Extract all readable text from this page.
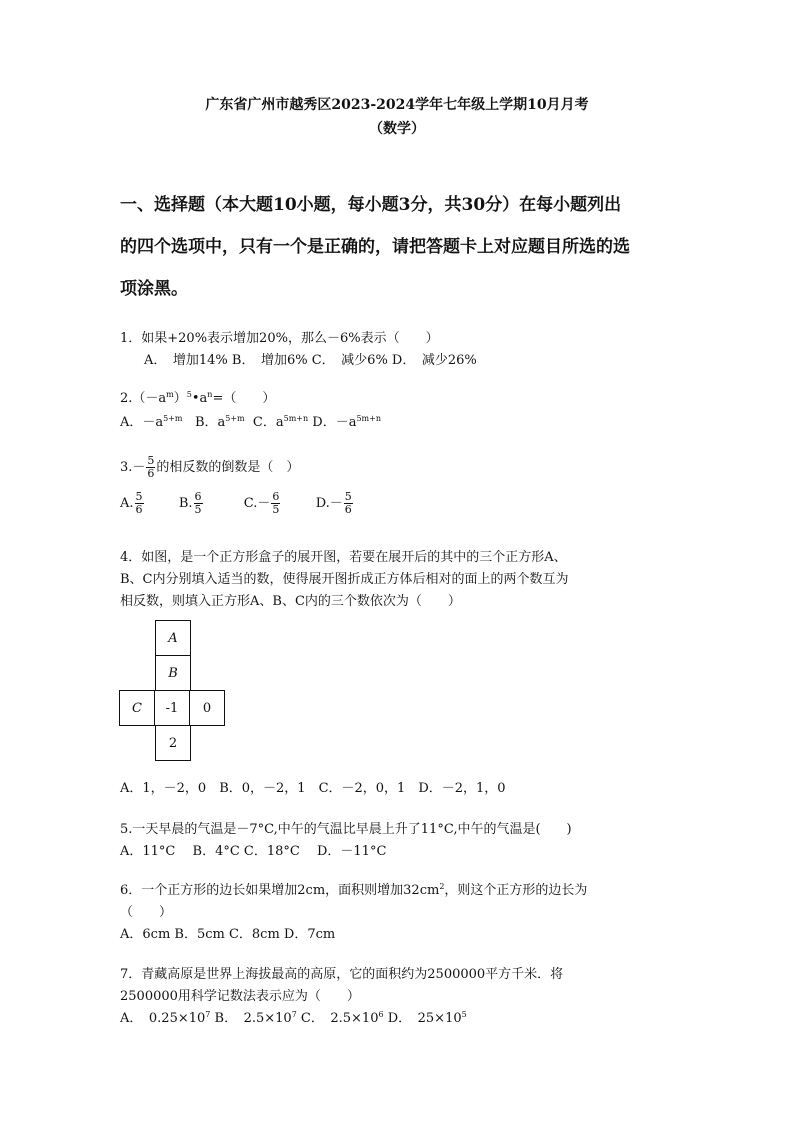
广东省广州市越秀区2023-2024学年七年级上学期10月月考
（数学）
一、选择题（本大题10小题，每小题3分，共30分）在每小题列出
的四个选项中，只有一个是正确的，请把答题卡上对应题目所选的选
项涂黑。
1．如果+20%表示增加20%，那么－6%表示（　　）
A．　增加14% B．　增加6% C．　减少6% D．　减少26%
$2.(-a^m)^5•a^n=$（　　）
A．$-a^{5+m}$ B．$a^{5+m}$ C．$a^{5m+n}$ D．$-a^{5m+n}$
$3.- \frac{5}{6}$ 的相反数的倒数是（　）
A. $\frac{5}{6}$	B. $\frac{6}{5}$	$C.- \frac{6}{5}$	$D.- \frac{5}{6}$
4．如图，是一个正方形盒子的展开图，若要在展开后的其中的三个正方形A、
B、C内分别填入适当的数，使得展开图折成正方体后相对的面上的两个数互为
相反数，则填入正方形A、B、C内的三个数依次为（　　）
A
B
C	-1	0
2
A．1，－2，0　B．0，－2，1　C．－2，0，1　D．－2，1，0
5.一天早晨的气温是－7°C,中午的气温比早晨上升了11°C,中午的气温是(　　)
A．11°C　 B．4°C C．18°C　 D．－11°C
6．一个正方形的边长如果增加2cm，面积则增加$32cm^2$，则这个正方形的边长为
（　　）
A．6cm B．5cm C．8cm D．7cm
7．青藏高原是世界上海拔最高的高原，它的面积约为2500000平方千米．将
2500000用科学记数法表示应为（　　）
A．　$0.25\times 10^7$ B．　$2.5\times 10^7$ C．　$2.5\times 10^6$ D．　$25\times 10^5$
